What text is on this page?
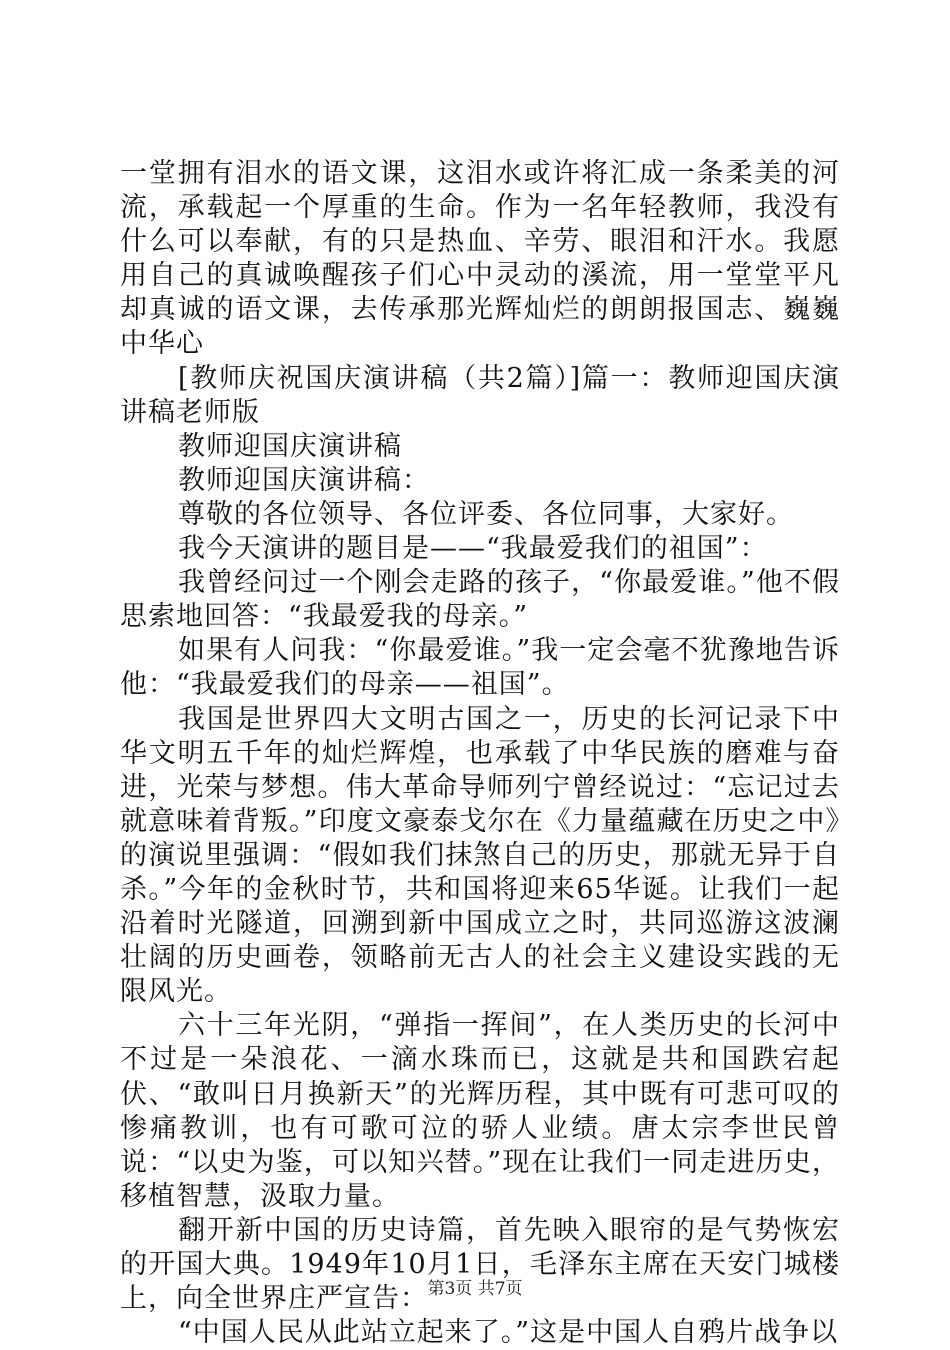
一堂拥有泪水的语文课，这泪水或许将汇成一条柔美的河流，承载起一个厚重的生命。作为一名年轻教师，我没有什么可以奉献，有的只是热血、辛劳、眼泪和汗水。我愿用自己的真诚唤醒孩子们心中灵动的溪流，用一堂堂平凡却真诚的语文课，去传承那光辉灿烂的朗朗报国志、巍巍中华心

[教师庆祝国庆演讲稿（共2篇）]篇一：教师迎国庆演讲稿老师版

教师迎国庆演讲稿

教师迎国庆演讲稿：

尊敬的各位领导、各位评委、各位同事，大家好。

我今天演讲的题目是——“我最爱我们的祖国”：

我曾经问过一个刚会走路的孩子，“你最爱谁。”他不假思索地回答：“我最爱我的母亲。”

如果有人问我：“你最爱谁。”我一定会毫不犹豫地告诉他：“我最爱我们的母亲——祖国”。

我国是世界四大文明古国之一，历史的长河记录下中华文明五千年的灿烂辉煌，也承载了中华民族的磨难与奋进，光荣与梦想。伟大革命导师列宁曾经说过：“忘记过去就意味着背叛。”印度文豪泰戈尔在《力量蕴藏在历史之中》的演说里强调：“假如我们抹煞自己的历史，那就无异于自杀。”今年的金秋时节，共和国将迎来65华诞。让我们一起沿着时光隧道，回溯到新中国成立之时，共同巡游这波澜壮阔的历史画卷，领略前无古人的社会主义建设实践的无限风光。

六十三年光阴，“弹指一挥间”，在人类历史的长河中不过是一朵浪花、一滴水珠而已，这就是共和国跌宕起伏、“敢叫日月换新天”的光辉历程，其中既有可悲可叹的惨痛教训，也有可歌可泣的骄人业绩。唐太宗李世民曾说：“以史为鉴，可以知兴替。”现在让我们一同走进历史，移植智慧，汲取力量。

翻开新中国的历史诗篇，首先映入眼帘的是气势恢宏的开国大典。1949年10月1日，毛泽东主席在天安门城楼上，向全世界庄严宣告：

“中国人民从此站立起来了。”这是中国人自鸦片战争以

第3页 共7页
